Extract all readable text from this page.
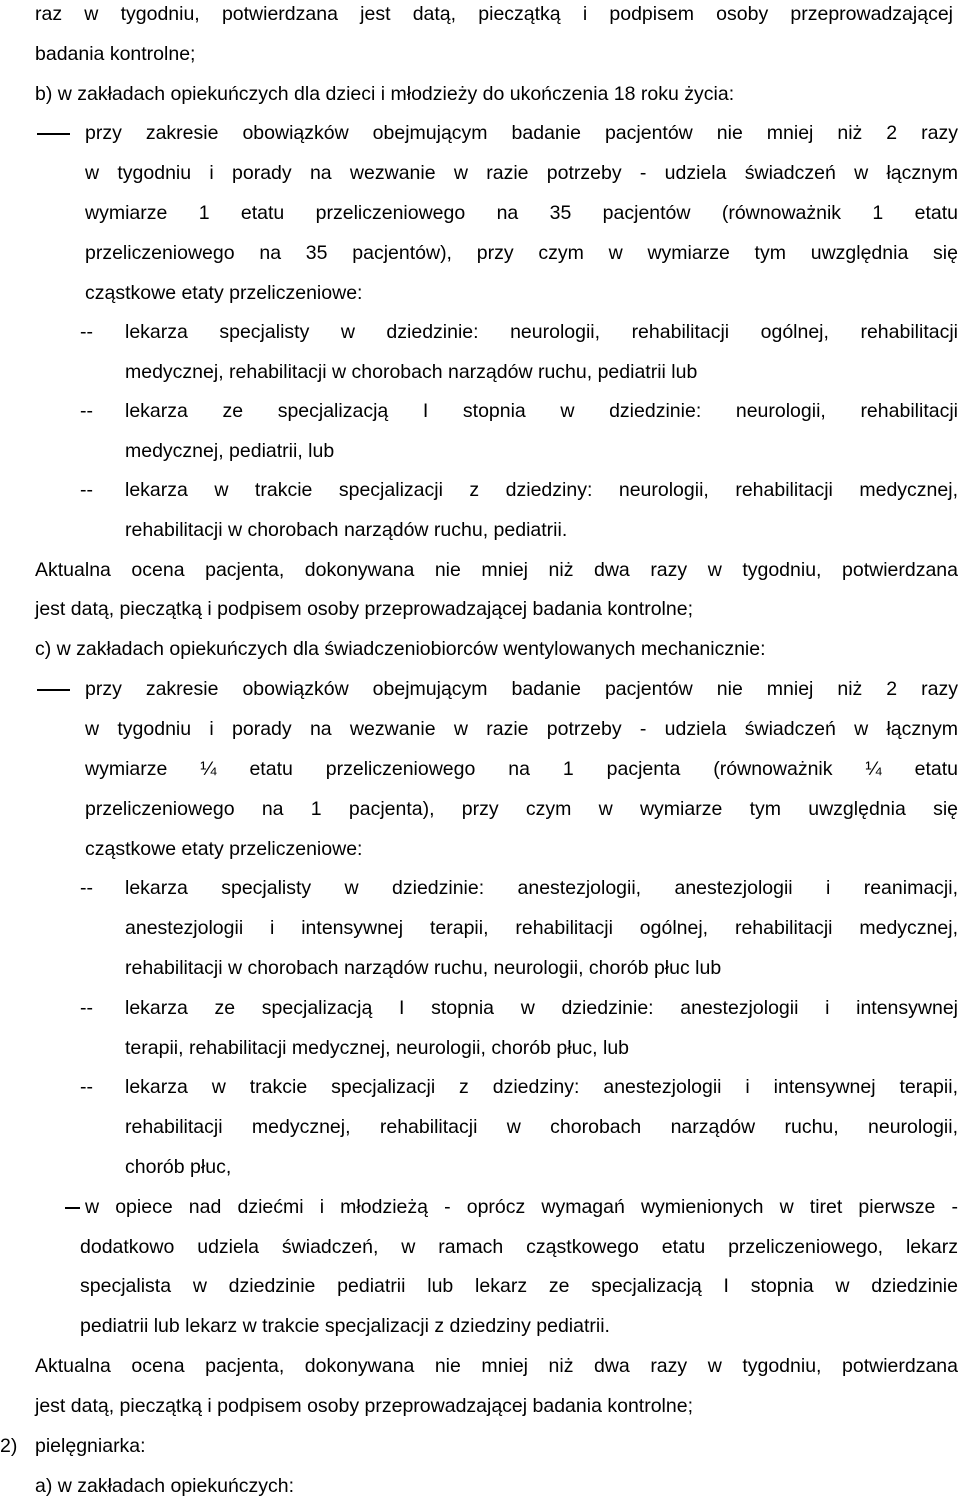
raz w tygodniu, potwierdzana jest datą, pieczątką i podpisem osoby przeprowadzającej
badania kontrolne;
b) w zakładach opiekuńczych dla dzieci i młodzieży do ukończenia 18 roku życia:
przy zakresie obowiązków obejmującym badanie pacjentów nie mniej niż 2 razy
w tygodniu i porady na wezwanie w razie potrzeby - udziela świadczeń w łącznym
wymiarze 1 etatu przeliczeniowego na 35 pacjentów (równoważnik 1 etatu
przeliczeniowego na 35 pacjentów), przy czym w wymiarze tym uwzględnia się
cząstkowe etaty przeliczeniowe:
-- lekarza specjalisty w dziedzinie: neurologii, rehabilitacji ogólnej, rehabilitacji
medycznej, rehabilitacji w chorobach narządów ruchu, pediatrii lub
-- lekarza ze specjalizacją I stopnia w dziedzinie: neurologii, rehabilitacji
medycznej, pediatrii, lub
-- lekarza w trakcie specjalizacji z dziedziny: neurologii, rehabilitacji medycznej,
rehabilitacji w chorobach narządów ruchu, pediatrii.
Aktualna ocena pacjenta, dokonywana nie mniej niż dwa razy w tygodniu, potwierdzana
jest datą, pieczątką i podpisem osoby przeprowadzającej badania kontrolne;
c) w zakładach opiekuńczych dla świadczeniobiorców wentylowanych mechanicznie:
przy zakresie obowiązków obejmującym badanie pacjentów nie mniej niż 2 razy
w tygodniu i porady na wezwanie w razie potrzeby - udziela świadczeń w łącznym
wymiarze ¼ etatu przeliczeniowego na 1 pacjenta (równoważnik ¼ etatu
przeliczeniowego na 1 pacjenta), przy czym w wymiarze tym uwzględnia się
cząstkowe etaty przeliczeniowe:
-- lekarza specjalisty w dziedzinie: anestezjologii, anestezjologii i reanimacji,
anestezjologii i intensywnej terapii, rehabilitacji ogólnej, rehabilitacji medycznej,
rehabilitacji w chorobach narządów ruchu, neurologii, chorób płuc lub
-- lekarza ze specjalizacją I stopnia w dziedzinie: anestezjologii i intensywnej
terapii, rehabilitacji medycznej, neurologii, chorób płuc, lub
-- lekarza w trakcie specjalizacji z dziedziny: anestezjologii i intensywnej terapii,
rehabilitacji medycznej, rehabilitacji w chorobach narządów ruchu, neurologii,
chorób płuc,
w opiece nad dziećmi i młodzieżą - oprócz wymagań wymienionych w tiret pierwsze -
dodatkowo udziela świadczeń, w ramach cząstkowego etatu przeliczeniowego, lekarz
specjalista w dziedzinie pediatrii lub lekarz ze specjalizacją I stopnia w dziedzinie
pediatrii lub lekarz w trakcie specjalizacji z dziedziny pediatrii.
Aktualna ocena pacjenta, dokonywana nie mniej niż dwa razy w tygodniu, potwierdzana
jest datą, pieczątką i podpisem osoby przeprowadzającej badania kontrolne;
2) pielęgniarka:
a) w zakładach opiekuńczych:
